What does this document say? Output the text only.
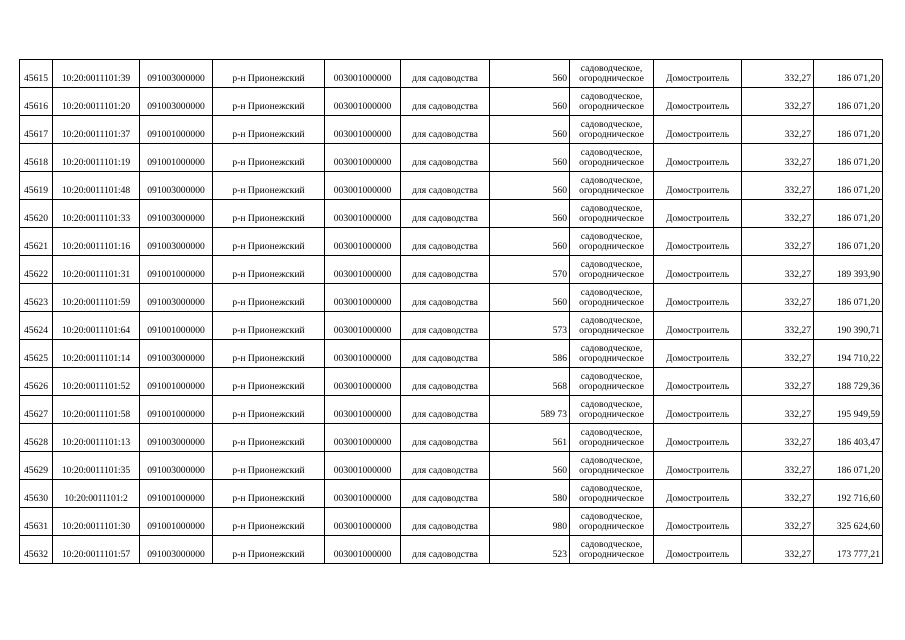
45615	10:20:0011101:39	091003000000	р-н Прионежский	003001000000	для садоводства	560	садоводческое,
огородническое	Домостроитель	332,27	186 071,20
45616	10:20:0011101:20	091003000000	р-н Прионежский	003001000000	для садоводства	560	садоводческое,
огородническое	Домостроитель	332,27	186 071,20
45617	10:20:0011101:37	091001000000	р-н Прионежский	003001000000	для садоводства	560	садоводческое,
огородническое	Домостроитель	332,27	186 071,20
45618	10:20:0011101:19	091001000000	р-н Прионежский	003001000000	для садоводства	560	садоводческое,
огородническое	Домостроитель	332,27	186 071,20
45619	10:20:0011101:48	091003000000	р-н Прионежский	003001000000	для садоводства	560	садоводческое,
огородническое	Домостроитель	332,27	186 071,20
45620	10:20:0011101:33	091003000000	р-н Прионежский	003001000000	для садоводства	560	садоводческое,
огородническое	Домостроитель	332,27	186 071,20
45621	10:20:0011101:16	091003000000	р-н Прионежский	003001000000	для садоводства	560	садоводческое,
огородническое	Домостроитель	332,27	186 071,20
45622	10:20:0011101:31	091001000000	р-н Прионежский	003001000000	для садоводства	570	садоводческое,
огородническое	Домостроитель	332,27	189 393,90
45623	10:20:0011101:59	091003000000	р-н Прионежский	003001000000	для садоводства	560	садоводческое,
огородническое	Домостроитель	332,27	186 071,20
45624	10:20:0011101:64	091001000000	р-н Прионежский	003001000000	для садоводства	573	садоводческое,
огородническое	Домостроитель	332,27	190 390,71
45625	10:20:0011101:14	091003000000	р-н Прионежский	003001000000	для садоводства	586	садоводческое,
огородническое	Домостроитель	332,27	194 710,22
45626	10:20:0011101:52	091001000000	р-н Прионежский	003001000000	для садоводства	568	садоводческое,
огородническое	Домостроитель	332,27	188 729,36
45627	10:20:0011101:58	091001000000	р-н Прионежский	003001000000	для садоводства	589 73	садоводческое,
огородническое	Домостроитель	332,27	195 949,59
45628	10:20:0011101:13	091003000000	р-н Прионежский	003001000000	для садоводства	561	садоводческое,
огородническое	Домостроитель	332,27	186 403,47
45629	10:20:0011101:35	091003000000	р-н Прионежский	003001000000	для садоводства	560	садоводческое,
огородническое	Домостроитель	332,27	186 071,20
45630	10:20:0011101:2	091001000000	р-н Прионежский	003001000000	для садоводства	580	садоводческое,
огородническое	Домостроитель	332,27	192 716,60
45631	10:20:0011101:30	091001000000	р-н Прионежский	003001000000	для садоводства	980	садоводческое,
огородническое	Домостроитель	332,27	325 624,60
45632	10:20:0011101:57	091003000000	р-н Прионежский	003001000000	для садоводства	523	садоводческое,
огородническое	Домостроитель	332,27	173 777,21
